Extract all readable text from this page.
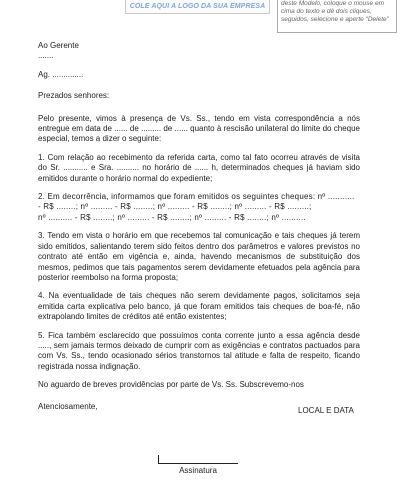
COLE AQUI A LOGO DA SUA EMPRESA	deste Modelo, coloque o mouse em cima do texto e dê dois cliques, seguidos, selecione e aperte "Delete"

Ao Gerente

.......

Ag. ..............

Prezados senhores:

Pelo presente, vimos à presença de Vs. Ss., tendo em vista correspondência a nós entregue em data de ...... de ......... de ...... quanto à rescisão unilateral do limite do cheque especial, temos a dizer o seguinte:

1. Com relação ao recebimento da referida carta, como tal fato ocorreu através de visita do Sr. ........... e Sra. .......... no horário de ...... h, determinados cheques já haviam sido emitidos durante o horário normal do expediente;

2. Em decorrência, informamos que foram emitidos os seguintes cheques: nº ...........

- R$ ........; nº ......... - R$ ........; nº ......... - R$ ........; nº ......... - R$ .........;

nº .......... - R$ ........; nº ......... - R$ ........; nº ......... - R$ ........; nº ..........

3. Tendo em vista o horário em que recebemos tal comunicação e tais cheques já terem sido emitidos, salientando terem sido feitos dentro dos parâmetros e valores previstos no contrato até então em vigência e, ainda, havendo mecanismos de substituição dos mesmos, pedimos que tais pagamentos serem devidamente efetuados pela agência para posterior reembolso na forma proposta;

4. Na eventualidade de tais cheques não serem devidamente pagos, solicitamos seja emitida carta explicativa pelo banco, já que foram emitidos tais cheques de boa-fé, não extrapolando limites de créditos até então existentes;

5. Fica também esclarecido que possuímos conta corrente junto a essa agência desde ....., sem jamais termos deixado de cumprir com as exigências e contratos pactuados para com Vs. Ss., tendo ocasionado sérios transtornos tal atitude e falta de respeito, ficando registrada nossa indignação.

No aguardo de breves providências por parte de Vs. Ss. Subscrevemo-nos

Atenciosamente,	LOCAL E DATA
Assinatura
